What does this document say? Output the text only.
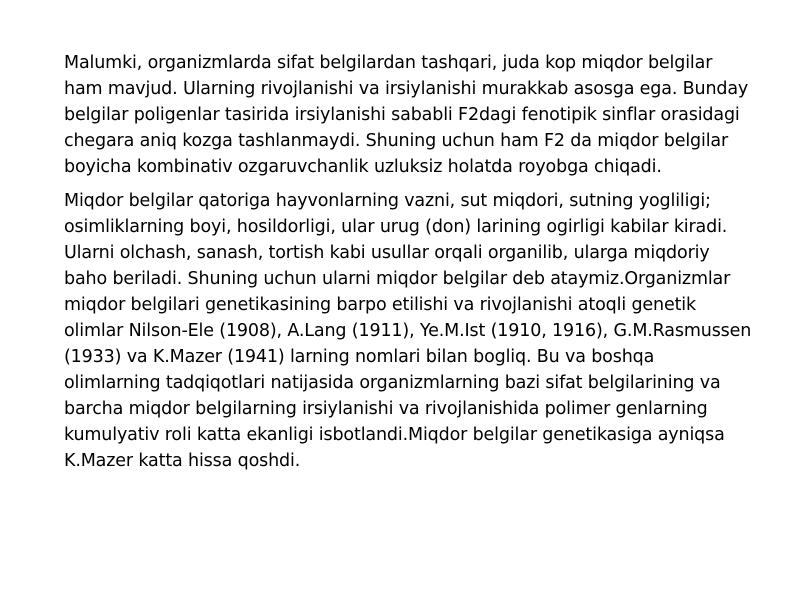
Malumki, organizmlarda sifat belgilardan tashqari, juda kop miqdor belgilar ham mavjud. Ularning rivojlanishi va irsiylanishi murakkab asosga ega. Bunday belgilar poligenlar tasirida irsiylanishi sababli F2dagi fenotipik sinflar orasidagi chegara aniq kozga tashlanmaydi. Shuning uchun ham F2 da miqdor belgilar boyicha kombinativ ozgaruvchanlik uzluksiz holatda royobga chiqadi.

Miqdor belgilar qatoriga hayvonlarning vazni, sut miqdori, sutning yogliligi; osimliklarning boyi, hosildorligi, ular urug (don) larining ogirligi kabilar kiradi. Ularni olchash, sanash, tortish kabi usullar orqali organilib, ularga miqdoriy baho beriladi. Shuning uchun ularni miqdor belgilar deb ataymiz.Organizmlar miqdor belgilari genetikasining barpo etilishi va rivojlanishi atoqli genetik olimlar Nilson-Ele (1908), A.Lang (1911), Ye.M.Ist (1910, 1916), G.M.Rasmussen (1933) va K.Mazer (1941) larning nomlari bilan bogliq. Bu va boshqa olimlarning tadqiqotlari natijasida organizmlarning bazi sifat belgilarining va barcha miqdor belgilarning irsiylanishi va rivojlanishida polimer genlarning kumulyativ roli katta ekanligi isbotlandi.Miqdor belgilar genetikasiga ayniqsa K.Mazer katta hissa qoshdi.
